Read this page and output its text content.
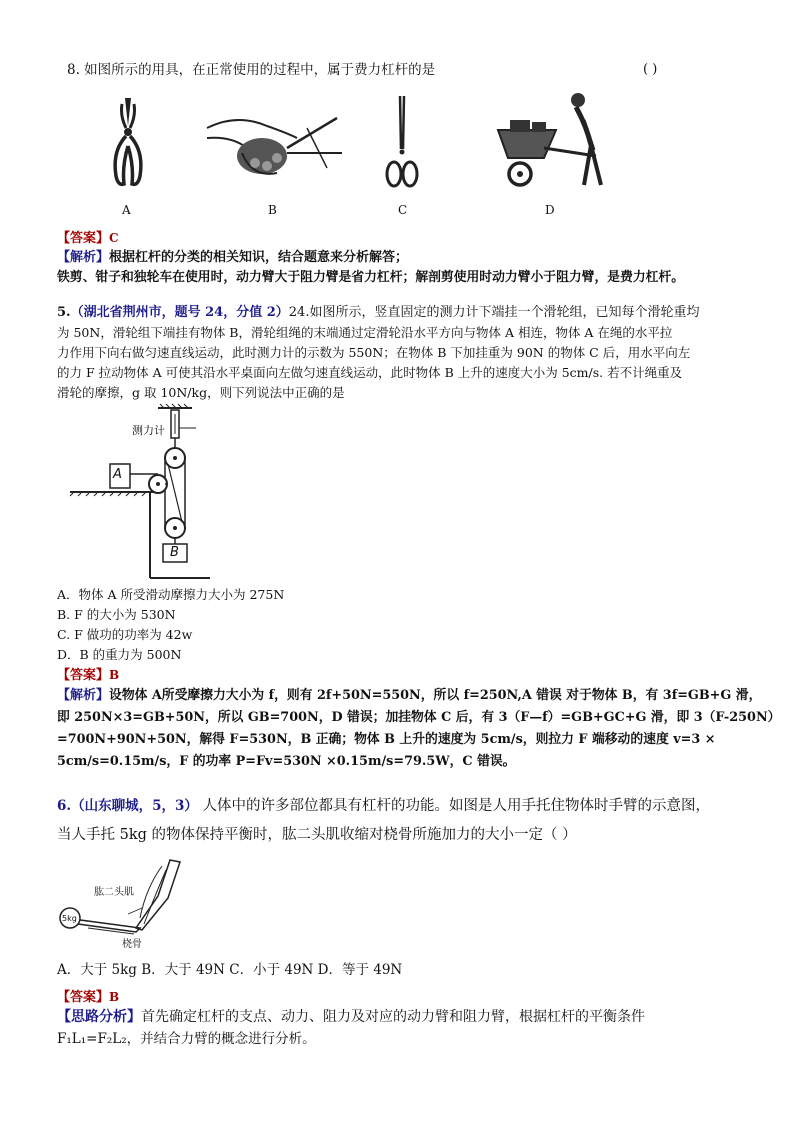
8. 如图所示的用具，在正常使用的过程中，属于费力杠杆的是	( )
A	B	C	D
【答案】C
【解析】根据杠杆的分类的相关知识，结合题意来分析解答；
铁剪、钳子和独轮车在使用时，动力臂大于阻力臂是省力杠杆；解剖剪使用时动力臂小于阻力臂，是费力杠杆。
5.（湖北省荆州市，题号 24，分值 2）24.如图所示，竖直固定的测力计下端挂一个滑轮组，已知每个滑轮重均
为 50N，滑轮组下端挂有物体 B，滑轮组绳的末端通过定滑轮沿水平方向与物体 A 相连，物体 A 在绳的水平拉
力作用下向右做匀速直线运动，此时测力计的示数为 550N；在物体 B 下加挂重为 90N 的物体 C 后，用水平向左
的力 F 拉动物体 A 可使其沿水平桌面向左做匀速直线运动，此时物体 B 上升的速度大小为 5cm/s. 若不计绳重及
滑轮的摩擦，g 取 10N/kg，则下列说法中正确的是
测力计
A
B
A．物体 A 所受滑动摩擦力大小为 275N
B. F 的大小为 530N
C. F 做功的功率为 42w
D．B 的重力为 500N
【答案】B
【解析】设物体 A所受摩擦力大小为 f，则有 2f+50N=550N，所以 f=250N,A 错误 对于物体 B，有 3f=GB+G 滑，
即 250N×3=GB+50N，所以 GB=700N，D 错误；加挂物体 C 后，有 3（F—f）=GB+GC+G 滑，即 3（F-250N）
=700N+90N+50N，解得 F=530N，B 正确；物体 B 上升的速度为 5cm/s，则拉力 F 端移动的速度 v=3 ×
5cm/s=0.15m/s，F 的功率 P=Fv=530N ×0.15m/s=79.5W，C 错误。
6.（山东聊城，5，3） 人体中的许多部位都具有杠杆的功能。如图是人用手托住物体时手臂的示意图，
当人手托 5kg 的物体保持平衡时，肱二头肌收缩对桡骨所施加力的大小一定（ ）
5kg
肱二头肌
桡骨
A．大于 5kg B．大于 49N C．小于 49N D．等于 49N
【答案】B
【思路分析】首先确定杠杆的支点、动力、阻力及对应的动力臂和阻力臂，根据杠杆的平衡条件
F₁L₁=F₂L₂，并结合力臂的概念进行分析。
